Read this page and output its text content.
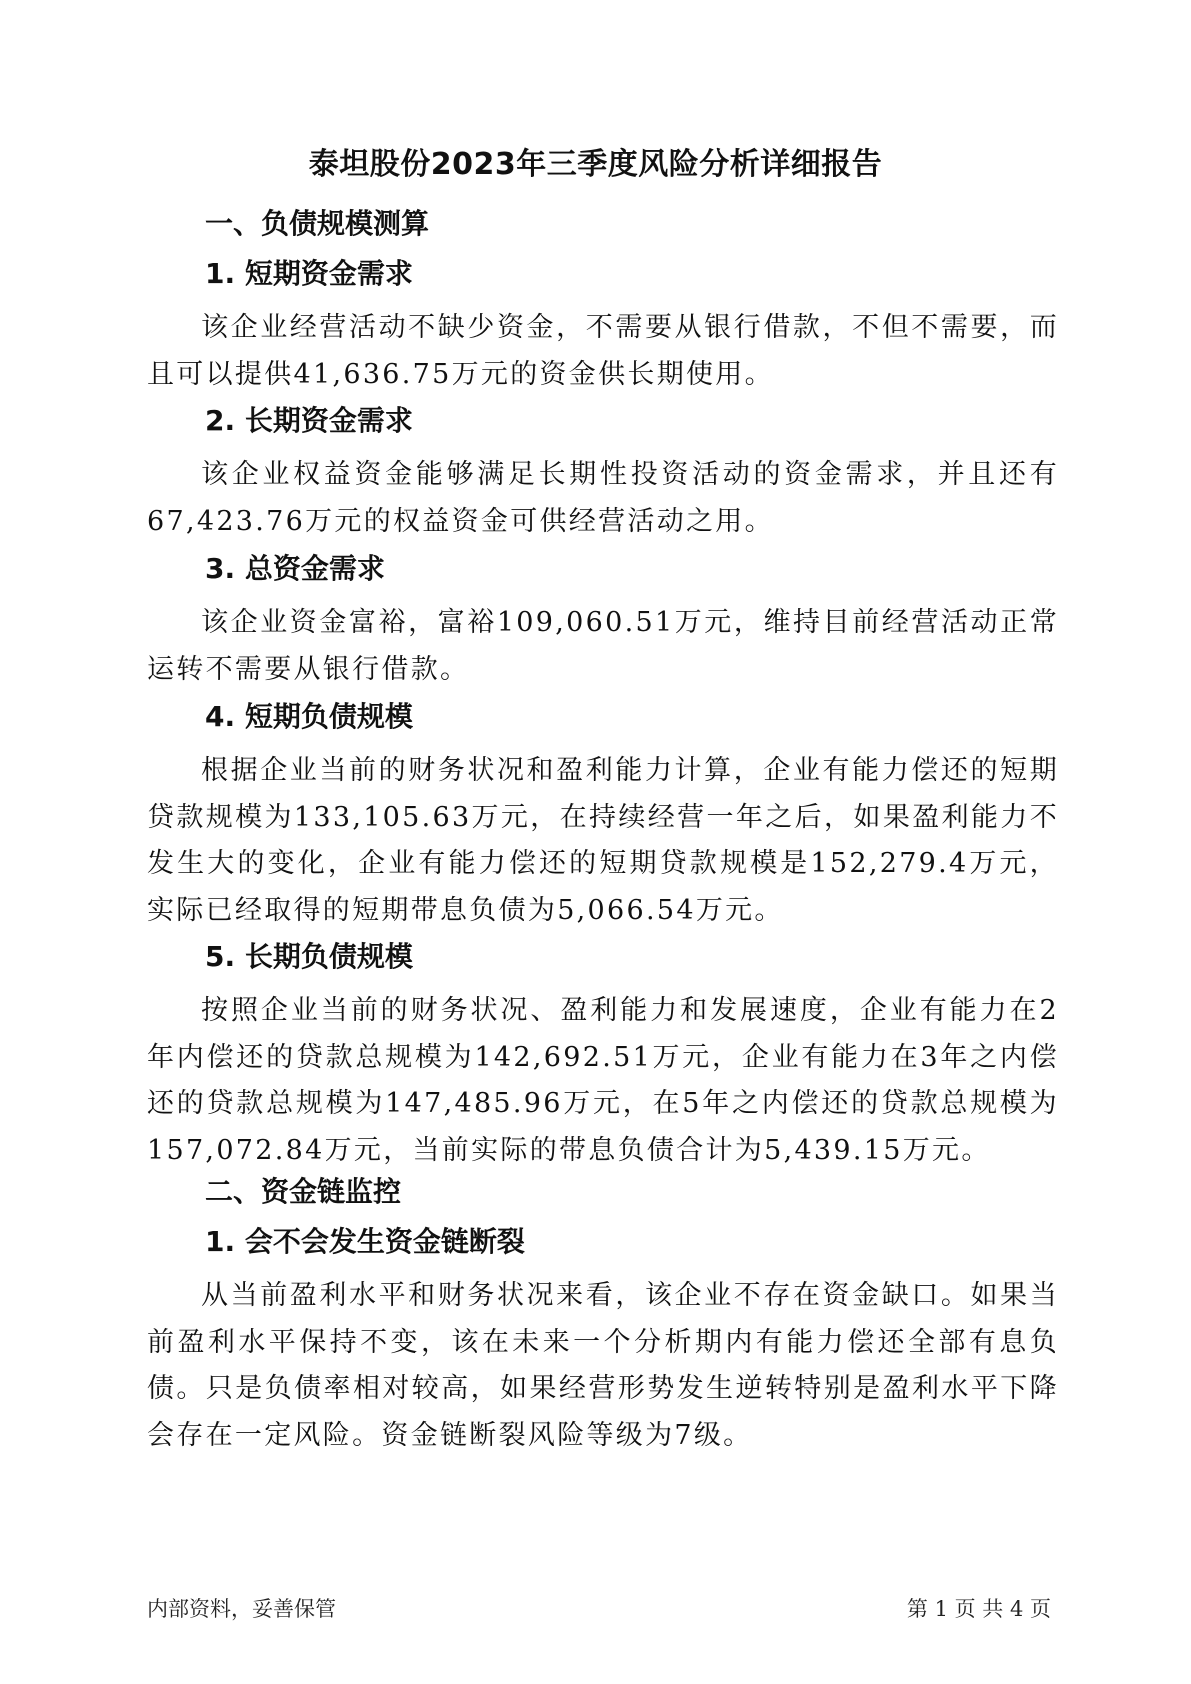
泰坦股份2023年三季度风险分析详细报告
一、负债规模测算
1. 短期资金需求

该企业经营活动不缺少资金，不需要从银行借款，不但不需要，而且可以提供41,636.75万元的资金供长期使用。

2. 长期资金需求

该企业权益资金能够满足长期性投资活动的资金需求，并且还有67,423.76万元的权益资金可供经营活动之用。

3. 总资金需求

该企业资金富裕，富裕109,060.51万元，维持目前经营活动正常运转不需要从银行借款。

4. 短期负债规模

根据企业当前的财务状况和盈利能力计算，企业有能力偿还的短期贷款规模为133,105.63万元，在持续经营一年之后，如果盈利能力不发生大的变化，企业有能力偿还的短期贷款规模是152,279.4万元，实际已经取得的短期带息负债为5,066.54万元。

5. 长期负债规模

按照企业当前的财务状况、盈利能力和发展速度，企业有能力在2年内偿还的贷款总规模为142,692.51万元，企业有能力在3年之内偿还的贷款总规模为147,485.96万元，在5年之内偿还的贷款总规模为157,072.84万元，当前实际的带息负债合计为5,439.15万元。

二、资金链监控
1. 会不会发生资金链断裂

从当前盈利水平和财务状况来看，该企业不存在资金缺口。如果当前盈利水平保持不变，该在未来一个分析期内有能力偿还全部有息负债。只是负债率相对较高，如果经营形势发生逆转特别是盈利水平下降会存在一定风险。资金链断裂风险等级为7级。

内部资料，妥善保管	第 1 页 共 4 页
